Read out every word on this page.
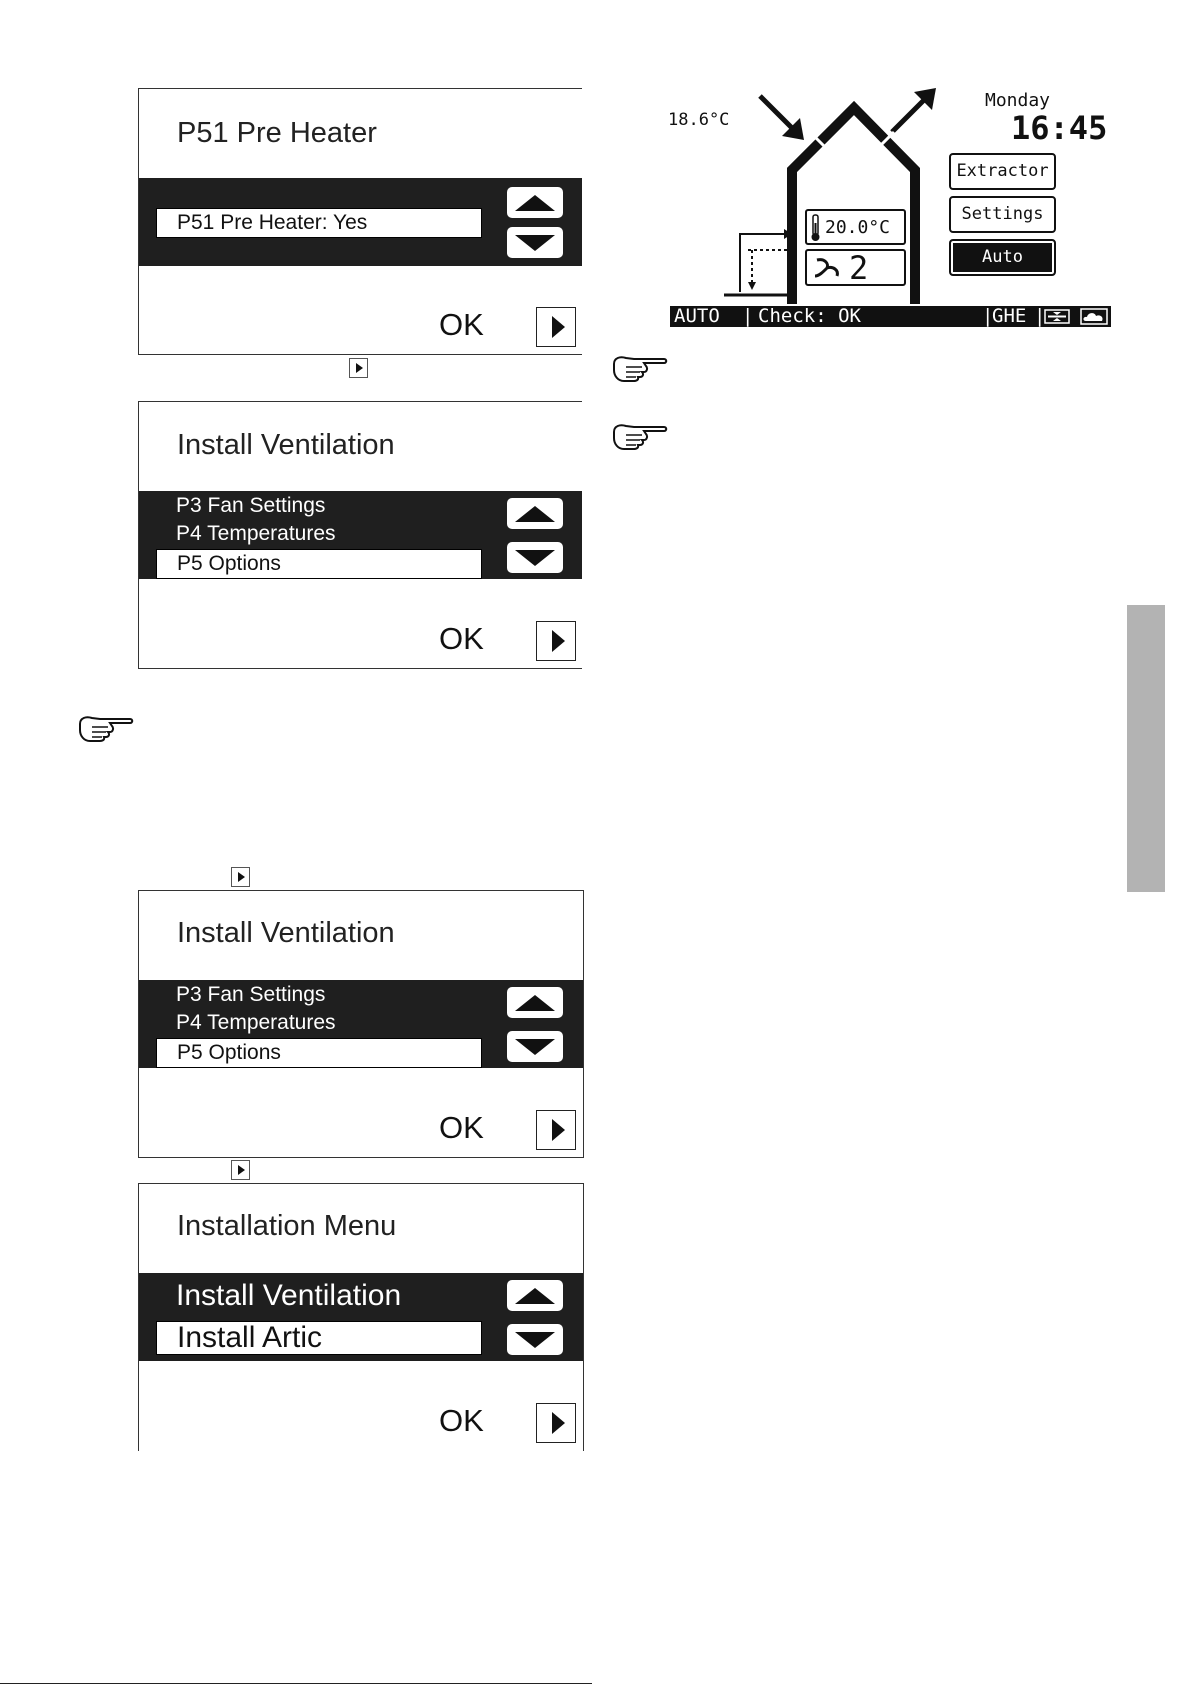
P51 Pre Heater
P51 Pre Heater: Yes
OK
Install Ventilation
P3 Fan Settings
P4 Temperatures
P5 Options
OK
Install Ventilation
P3 Fan Settings
P4 Temperatures
P5 Options
OK
Installation Menu
Install Ventilation
Install Artic
OK
18.6°C
Monday
16:45
20.0°C
2
Extractor
Settings
Auto
AUTO | Check: OK	|
GHE |
